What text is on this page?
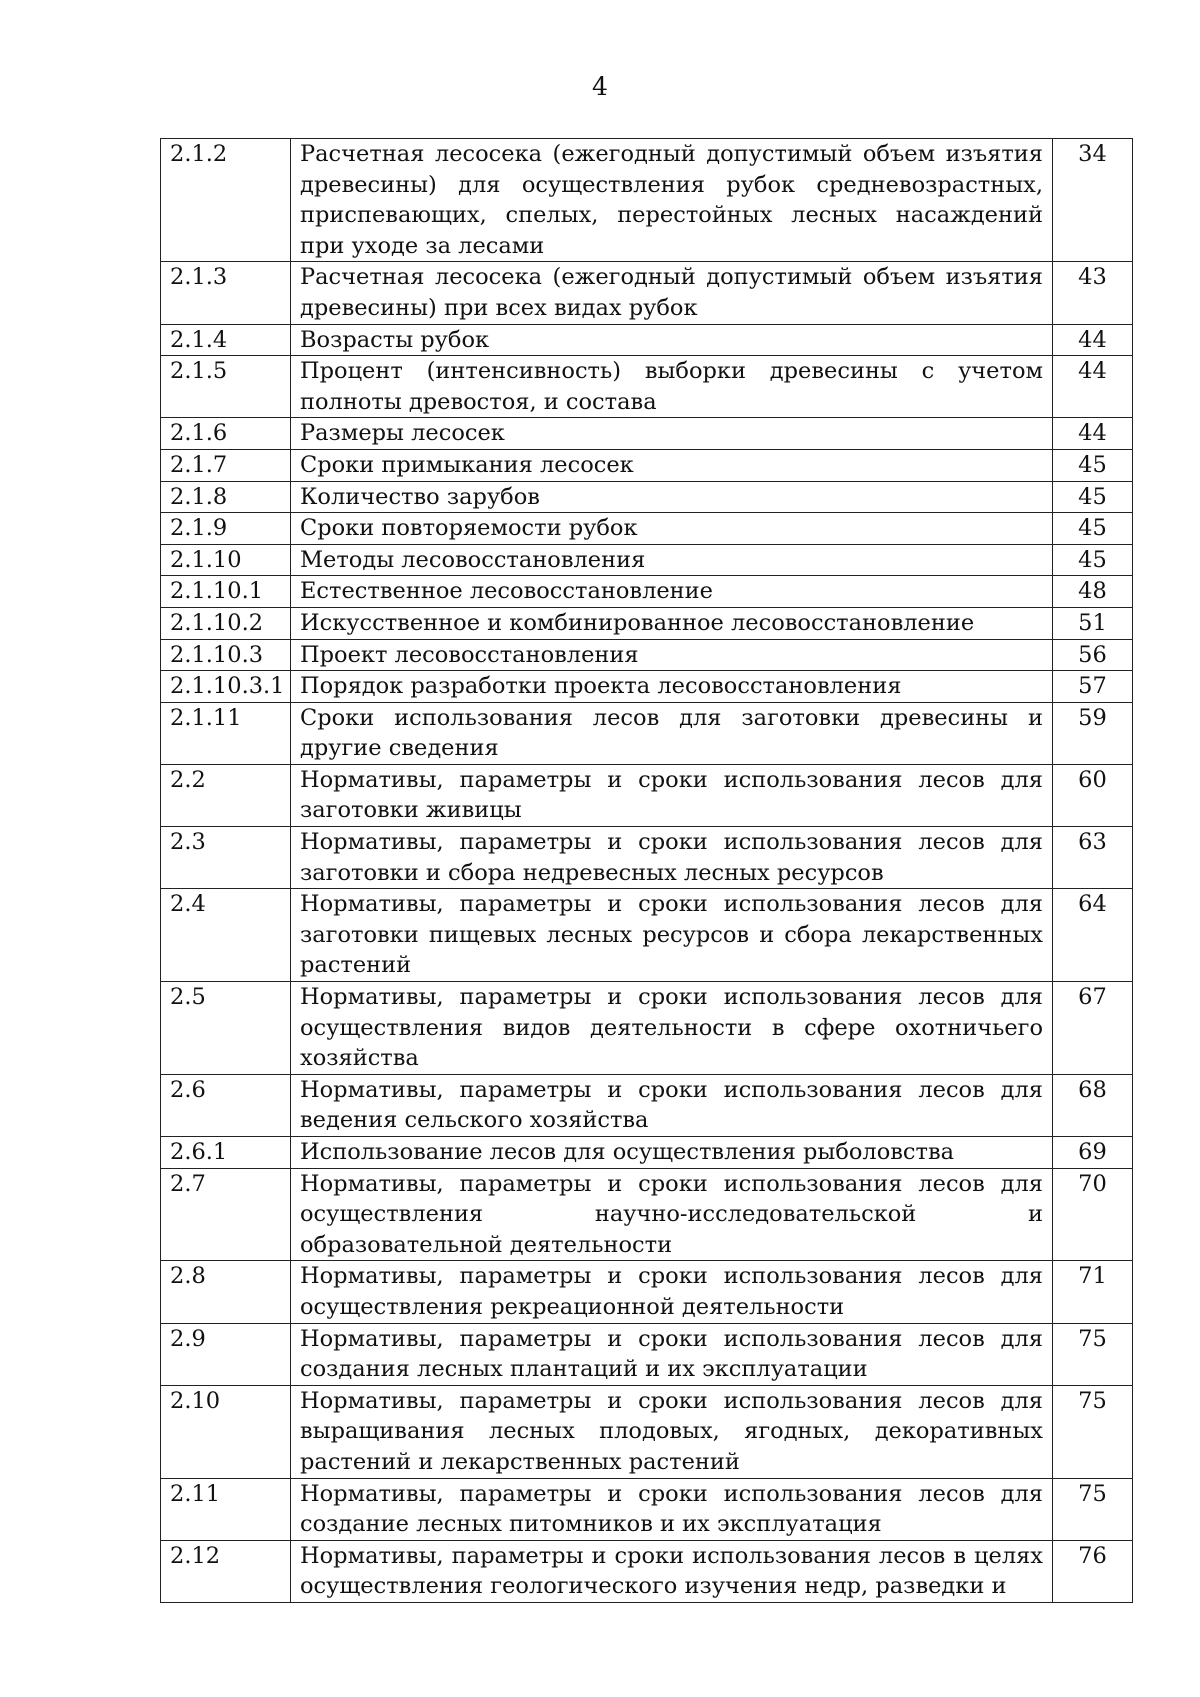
4
2.1.2	Расчетная лесосека (ежегодный допустимый объем изъятия древесины) для осуществления рубок средневозрастных, приспевающих, спелых, перестойных лесных насаждений при уходе за лесами	34
2.1.3	Расчетная лесосека (ежегодный допустимый объем изъятия древесины) при всех видах рубок	43
2.1.4	Возрасты рубок	44
2.1.5	Процент (интенсивность) выборки древесины с учетом полноты древостоя, и состава	44
2.1.6	Размеры лесосек	44
2.1.7	Сроки примыкания лесосек	45
2.1.8	Количество зарубов	45
2.1.9	Сроки повторяемости рубок	45
2.1.10	Методы лесовосстановления	45
2.1.10.1	Естественное лесовосстановление	48
2.1.10.2	Искусственное и комбинированное лесовосстановление	51
2.1.10.3	Проект лесовосстановления	56
2.1.10.3.1	Порядок разработки проекта лесовосстановления	57
2.1.11	Сроки использования лесов для заготовки древесины и другие сведения	59
2.2	Нормативы, параметры и сроки использования лесов для заготовки живицы	60
2.3	Нормативы, параметры и сроки использования лесов для заготовки и сбора недревесных лесных ресурсов	63
2.4	Нормативы, параметры и сроки использования лесов для заготовки пищевых лесных ресурсов и сбора лекарственных растений	64
2.5	Нормативы, параметры и сроки использования лесов для осуществления видов деятельности в сфере охотничьего хозяйства	67
2.6	Нормативы, параметры и сроки использования лесов для ведения сельского хозяйства	68
2.6.1	Использование лесов для осуществления рыболовства	69
2.7	Нормативы, параметры и сроки использования лесов для осуществления научно-исследовательской и образовательной деятельности	70
2.8	Нормативы, параметры и сроки использования лесов для осуществления рекреационной деятельности	71
2.9	Нормативы, параметры и сроки использования лесов для создания лесных плантаций и их эксплуатации	75
2.10	Нормативы, параметры и сроки использования лесов для выращивания лесных плодовых, ягодных, декоративных растений и лекарственных растений	75
2.11	Нормативы, параметры и сроки использования лесов для создание лесных питомников и их эксплуатация	75
2.12	Нормативы, параметры и сроки использования лесов в целях осуществления геологического изучения недр, разведки и	76
